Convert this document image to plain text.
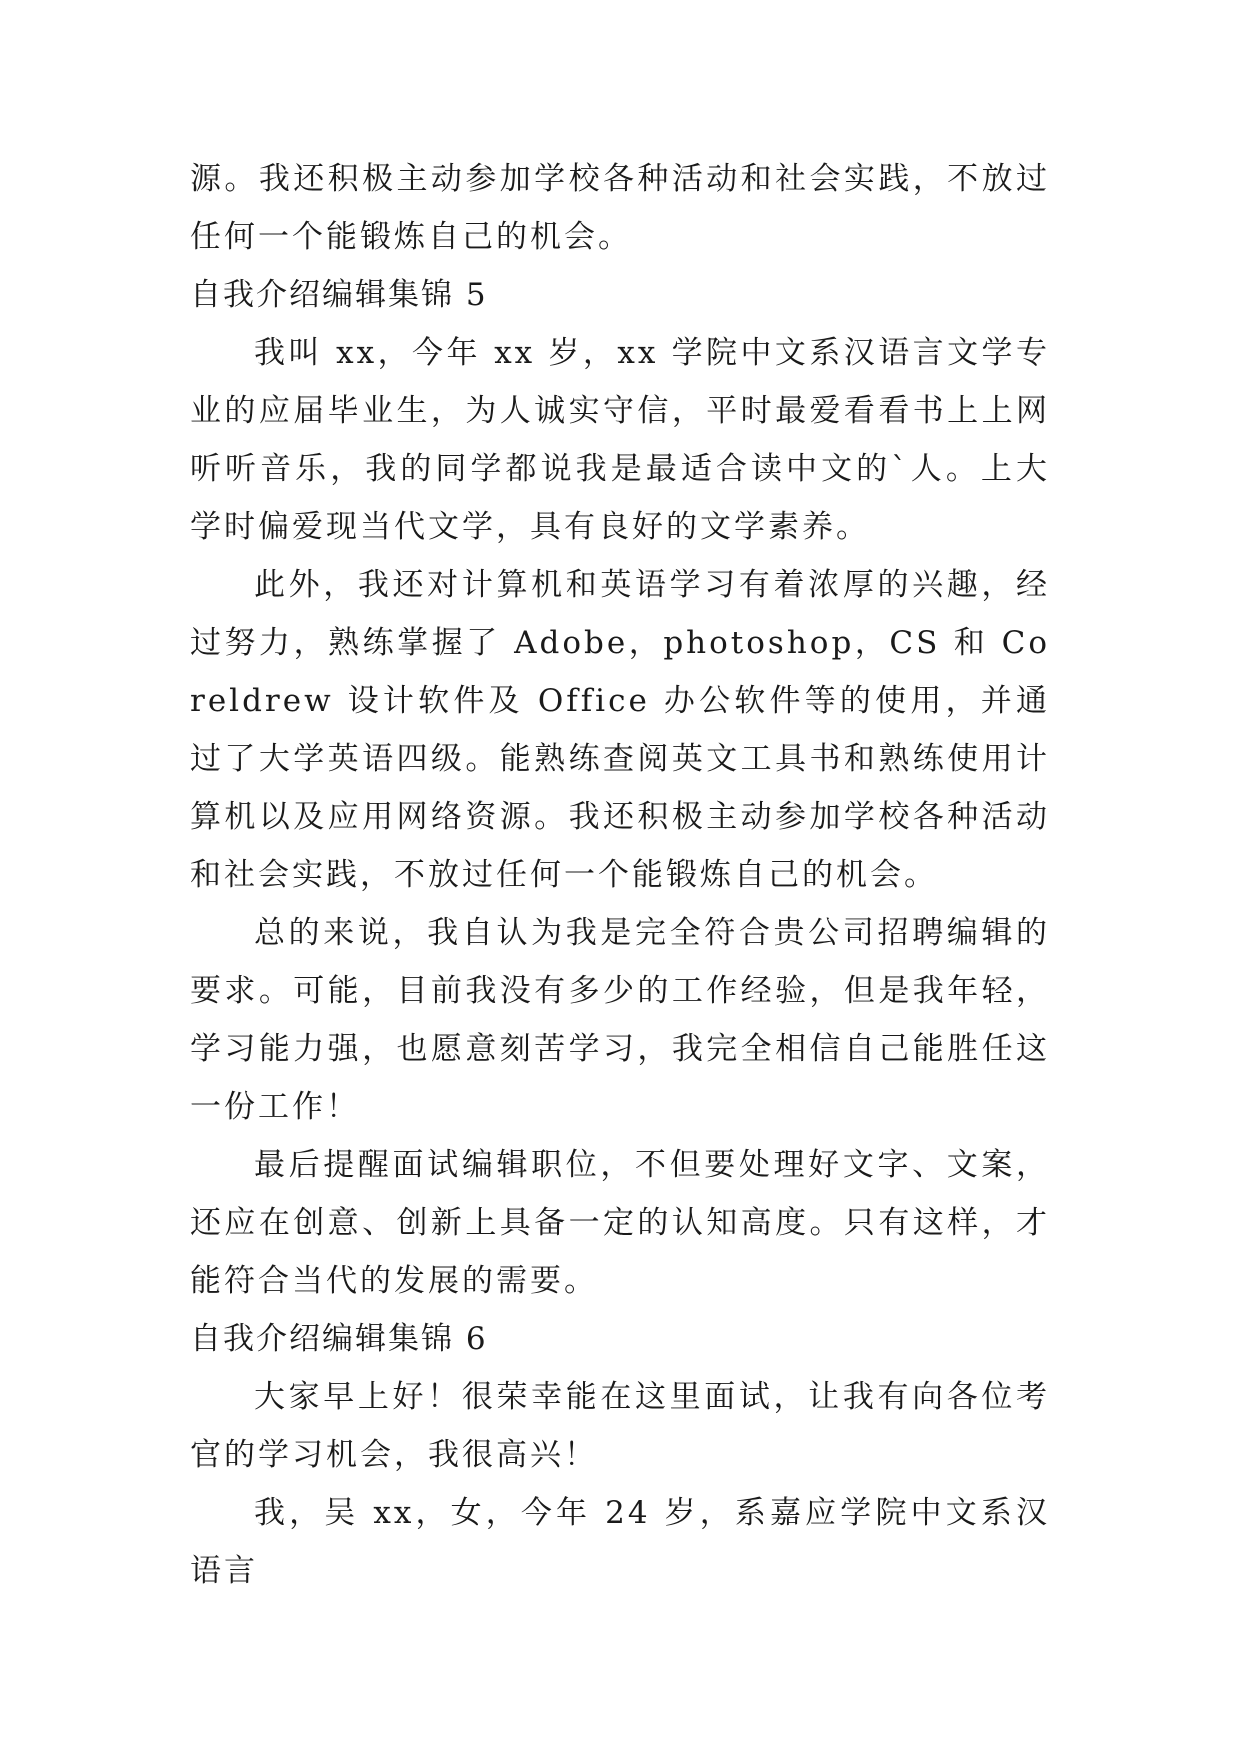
源。我还积极主动参加学校各种活动和社会实践，不放过任何一个能锻炼自己的机会。

自我介绍编辑集锦 5

我叫 xx，今年 xx 岁，xx 学院中文系汉语言文学专业的应届毕业生，为人诚实守信，平时最爱看看书上上网听听音乐，我的同学都说我是最适合读中文的`人。上大学时偏爱现当代文学，具有良好的文学素养。

此外，我还对计算机和英语学习有着浓厚的兴趣，经过努力，熟练掌握了 Adobe，photoshop，CS 和 Coreldrew 设计软件及 Office 办公软件等的使用，并通过了大学英语四级。能熟练查阅英文工具书和熟练使用计算机以及应用网络资源。我还积极主动参加学校各种活动和社会实践，不放过任何一个能锻炼自己的机会。

总的来说，我自认为我是完全符合贵公司招聘编辑的要求。可能，目前我没有多少的工作经验，但是我年轻，学习能力强，也愿意刻苦学习，我完全相信自己能胜任这一份工作！

最后提醒面试编辑职位，不但要处理好文字、文案，还应在创意、创新上具备一定的认知高度。只有这样，才能符合当代的发展的需要。

自我介绍编辑集锦 6

大家早上好！很荣幸能在这里面试，让我有向各位考官的学习机会，我很高兴！

我，吴 xx，女，今年 24 岁，系嘉应学院中文系汉语言
